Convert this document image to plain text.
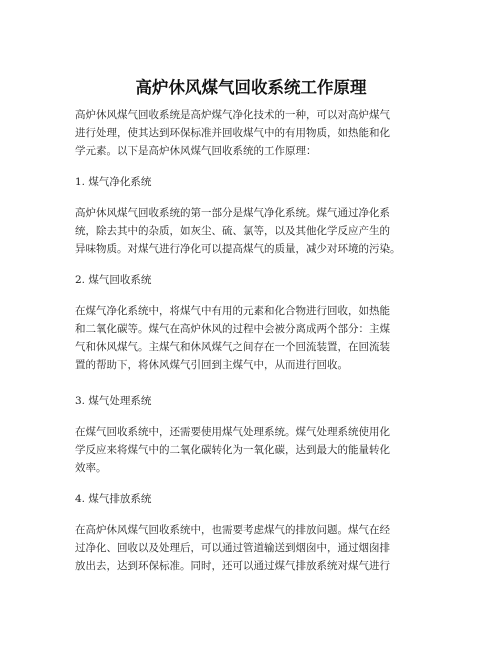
高炉休风煤气回收系统工作原理
高炉休风煤气回收系统是高炉煤气净化技术的一种，可以对高炉煤气
进行处理，使其达到环保标准并回收煤气中的有用物质，如热能和化
学元素。以下是高炉休风煤气回收系统的工作原理：
1. 煤气净化系统
高炉休风煤气回收系统的第一部分是煤气净化系统。煤气通过净化系
统，除去其中的杂质，如灰尘、硫、氯等，以及其他化学反应产生的
异味物质。对煤气进行净化可以提高煤气的质量，减少对环境的污染。
2. 煤气回收系统
在煤气净化系统中，将煤气中有用的元素和化合物进行回收，如热能
和二氧化碳等。煤气在高炉休风的过程中会被分离成两个部分：主煤
气和休风煤气。主煤气和休风煤气之间存在一个回流装置，在回流装
置的帮助下，将休风煤气引回到主煤气中，从而进行回收。
3. 煤气处理系统
在煤气回收系统中，还需要使用煤气处理系统。煤气处理系统使用化
学反应来将煤气中的二氧化碳转化为一氧化碳，达到最大的能量转化
效率。
4. 煤气排放系统
在高炉休风煤气回收系统中，也需要考虑煤气的排放问题。煤气在经
过净化、回收以及处理后，可以通过管道输送到烟囱中，通过烟囱排
放出去，达到环保标准。同时，还可以通过煤气排放系统对煤气进行
